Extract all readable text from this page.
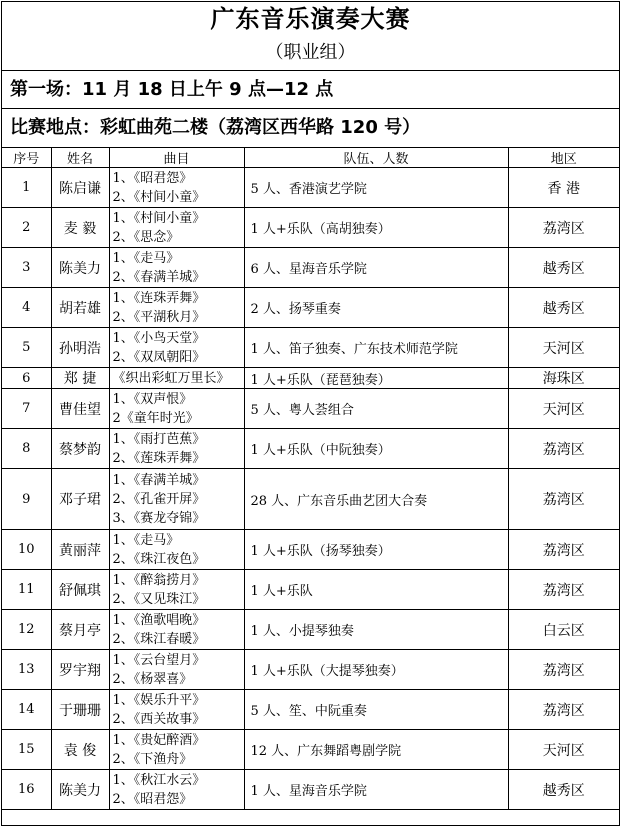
广东音乐演奏大赛
（职业组）
第一场：11 月 18 日上午 9 点—12 点
比赛地点：彩虹曲苑二楼（荔湾区西华路 120 号）
序号	姓名	曲目	队伍、人数	地区
1	陈启谦	1、《昭君怨》
2、《村间小童》	5 人、香港演艺学院	香 港
2	麦 毅	1、《村间小童》
2、《思念》	1 人+乐队（高胡独奏）	荔湾区
3	陈美力	1、《走马》
2、《春满羊城》	6 人、星海音乐学院	越秀区
4	胡若雄	1、《连珠弄舞》
2、《平湖秋月》	2 人、扬琴重奏	越秀区
5	孙明浩	1、《小鸟天堂》
2、《双凤朝阳》	1 人、笛子独奏、广东技术师范学院	天河区
6	郑 捷	《织出彩虹万里长》	1 人+乐队（琵琶独奏）	海珠区
7	曹佳望	1、《双声恨》
2《童年时光》	5 人、粤人荟组合	天河区
8	蔡梦韵	1、《雨打芭蕉》
2、《莲珠弄舞》	1 人+乐队（中阮独奏）	荔湾区
9	邓子珺	1、《春满羊城》
2、《孔雀开屏》
3、《赛龙夺锦》	28 人、广东音乐曲艺团大合奏	荔湾区
10	黄丽萍	1、《走马》
2、《珠江夜色》	1 人+乐队（扬琴独奏）	荔湾区
11	舒佩琪	1、《醉翁捞月》
2、《又见珠江》	1 人+乐队	荔湾区
12	蔡月亭	1、《渔歌唱晚》
2、《珠江春暖》	1 人、小提琴独奏	白云区
13	罗宇翔	1、《云台望月》
2、《杨翠喜》	1 人+乐队（大提琴独奏）	荔湾区
14	于珊珊	1、《娱乐升平》
2、《西关故事》	5 人、笙、中阮重奏	荔湾区
15	袁 俊	1、《贵妃醉酒》
2、《下渔舟》	12 人、广东舞蹈粤剧学院	天河区
16	陈美力	1、《秋江水云》
2、《昭君怨》	1 人、星海音乐学院	越秀区
